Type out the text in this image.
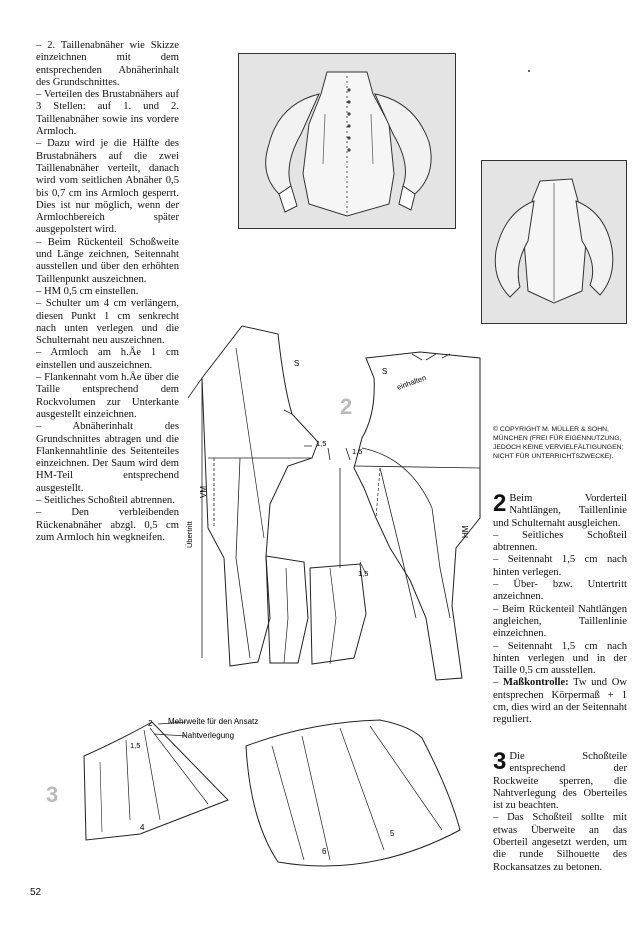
– 2. Taillenabnäher wie Skizze einzeichnen mit dem entsprechenden Abnäherinhalt des Grundschnittes.

– Verteilen des Brustabnähers auf 3 Stellen: auf 1. und 2. Taillenabnäher sowie ins vordere Armloch.

– Dazu wird je die Hälfte des Brustabnähers auf die zwei Taillenabnäher verteilt, danach wird vom seitlichen Abnäher 0,5 bis 0,7 cm ins Armloch gesperrt. Dies ist nur möglich, wenn der Armlochbereich später ausgepolstert wird.

– Beim Rückenteil Schoßweite und Länge zeichnen, Seitennaht ausstellen und über den erhöhten Taillenpunkt auszeichnen.

– HM 0,5 cm einstellen.

– Schulter um 4 cm verlängern, diesen Punkt 1 cm senkrecht nach unten verlegen und die Schulternaht neu auszeichnen.

– Armloch am h.Äe 1 cm einstellen und auszeichnen.

– Flankennaht vom h.Äe über die Taille entsprechend dem Rockvolumen zur Unterkante ausgestellt einzeichnen.

– Abnäherinhalt des Grundschnittes abtragen und die Flankennahtlinie des Seitenteiles einzeichnen. Der Saum wird dem HM-Teil entsprechend ausgestellt.

– Seitliches Schoßteil abtrennen.

– Den verbleibenden Rückenabnäher abzgl. 0,5 cm zum Armloch hin wegkneifen.

2
S
S
einhalten
VM
HM
Übertritt
1,5
1,5
1,5
3
Mehrweite für den Ansatz
Nahtverlegung
2
1,5
4
5
6
© COPYRIGHT M. MÜLLER & SOHN, MÜNCHEN (FREI FÜR EIGENNUTZUNG, JEDOCH KEINE VERVIELFÄLTIGUNGEN; NICHT FÜR UNTERRICHTSZWECKE).
2 Beim Vorderteil Nahtlängen, Taillenlinie und Schulternaht ausgleichen.

– Seitliches Schoßteil abtrennen.

– Seitennaht 1,5 cm nach hinten verlegen.

– Über- bzw. Untertritt anzeichnen.

– Beim Rückenteil Nahtlängen angleichen, Taillenlinie einzeichnen.

– Seitennaht 1,5 cm nach hinten verlegen und in der Taille 0,5 cm ausstellen.

– Maßkontrolle: Tw und Ow entsprechen Körpermaß + 1 cm, dies wird an der Seitennaht reguliert.

3 Die Schoßteile entsprechend der Rockweite sperren, die Nahtverlegung des Oberteiles ist zu beachten.

– Das Schoßteil sollte mit etwas Überweite an das Oberteil angesetzt werden, um die runde Silhouette des Rockansatzes zu betonen.

52
